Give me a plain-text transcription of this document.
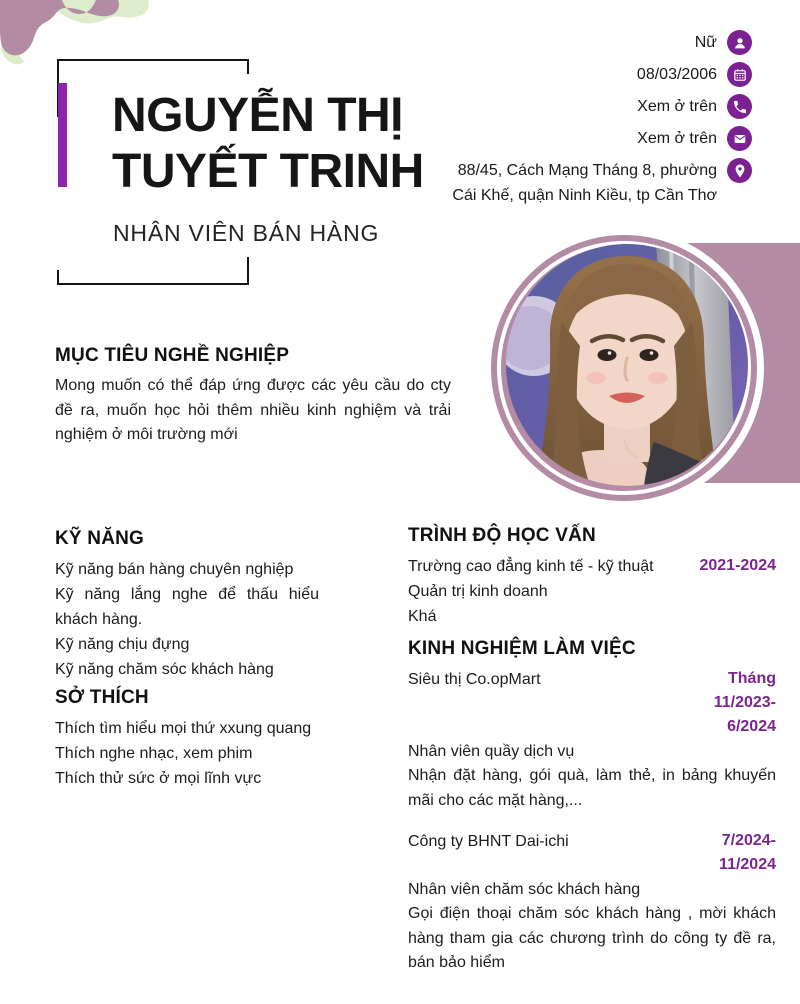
NGUYỄN THỊ
TUYẾT TRINH
NHÂN VIÊN BÁN HÀNG
Nữ
08/03/2006
Xem ở trên
Xem ở trên
88/45, Cách Mạng Tháng 8, phường Cái Khế, quận Ninh Kiều, tp Cần Thơ
MỤC TIÊU NGHỀ NGHIỆP

Mong muốn có thể đáp ứng được các yêu cầu do cty đề ra, muốn học hỏi thêm nhiều kinh nghiệm và trải nghiệm ở môi trường mới

KỸ NĂNG

Kỹ năng bán hàng chuyên nghiệp

Kỹ năng lắng nghe để thấu hiểu khách hàng.

Kỹ năng chịu đựng

Kỹ năng chăm sóc khách hàng

SỞ THÍCH

Thích tìm hiểu mọi thứ xxung quang

Thích nghe nhạc, xem phim

Thích thử sức ở mọi lĩnh vực

TRÌNH ĐỘ HỌC VẤN
Trường cao đẳng kinh tế - kỹ thuật	2021-2024

Quản trị kinh doanh

Khá

KINH NGHIỆM LÀM VIỆC
Siêu thị Co.opMart	Tháng 11/2023- 6/2024

Nhân viên quầy dịch vụ

Nhận đặt hàng, gói quà, làm thẻ, in bảng khuyến mãi cho các mặt hàng,...

Công ty BHNT Dai-ichi	7/2024- 11/2024

Nhân viên chăm sóc khách hàng

Gọi điện thoại chăm sóc khách hàng , mời khách hàng tham gia các chương trình do công ty đề ra, bán bảo hiểm
